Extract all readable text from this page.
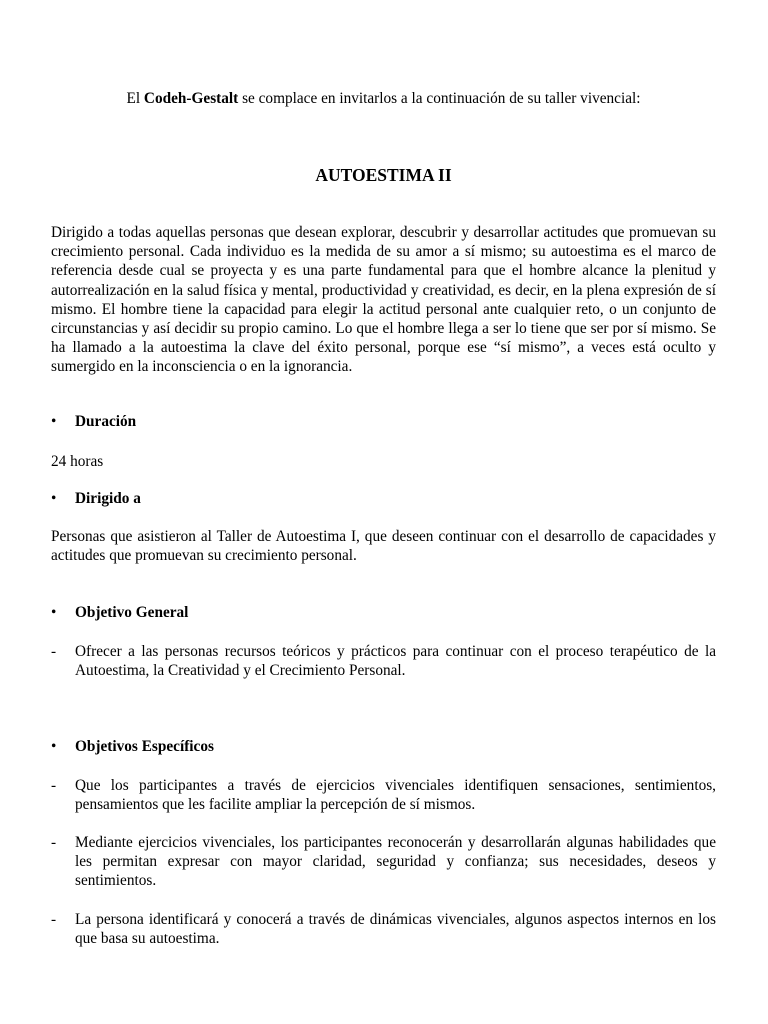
El Codeh-Gestalt se complace en invitarlos a la continuación de su taller vivencial:
AUTOESTIMA II
Dirigido a todas aquellas personas que desean explorar, descubrir y desarrollar actitudes que promuevan su crecimiento personal. Cada individuo es la medida de su amor a sí mismo; su autoestima es el marco de referencia desde cual se proyecta y es una parte fundamental para que el hombre alcance la plenitud y autorrealización en la salud física y mental, productividad y creatividad, es decir, en la plena expresión de sí mismo. El hombre tiene la capacidad para elegir la actitud personal ante cualquier reto, o un conjunto de circunstancias y así decidir su propio camino. Lo que el hombre llega a ser lo tiene que ser por sí mismo. Se ha llamado a la autoestima la clave del éxito personal, porque ese “sí mismo”, a veces está oculto y sumergido en la inconsciencia o en la ignorancia.
• Duración
24 horas
• Dirigido a
Personas que asistieron al Taller de Autoestima I, que deseen continuar con el desarrollo de capacidades y actitudes que promuevan su crecimiento personal.
• Objetivo General
- Ofrecer a las personas recursos teóricos y prácticos para continuar con el proceso terapéutico de la Autoestima, la Creatividad y el Crecimiento Personal.
• Objetivos Específicos
- Que los participantes a través de ejercicios vivenciales identifiquen sensaciones, sentimientos, pensamientos que les facilite ampliar la percepción de sí mismos.
- Mediante ejercicios vivenciales, los participantes reconocerán y desarrollarán algunas habilidades que les permitan expresar con mayor claridad, seguridad y confianza; sus necesidades, deseos y sentimientos.
- La persona identificará y conocerá a través de dinámicas vivenciales, algunos aspectos internos en los que basa su autoestima.
